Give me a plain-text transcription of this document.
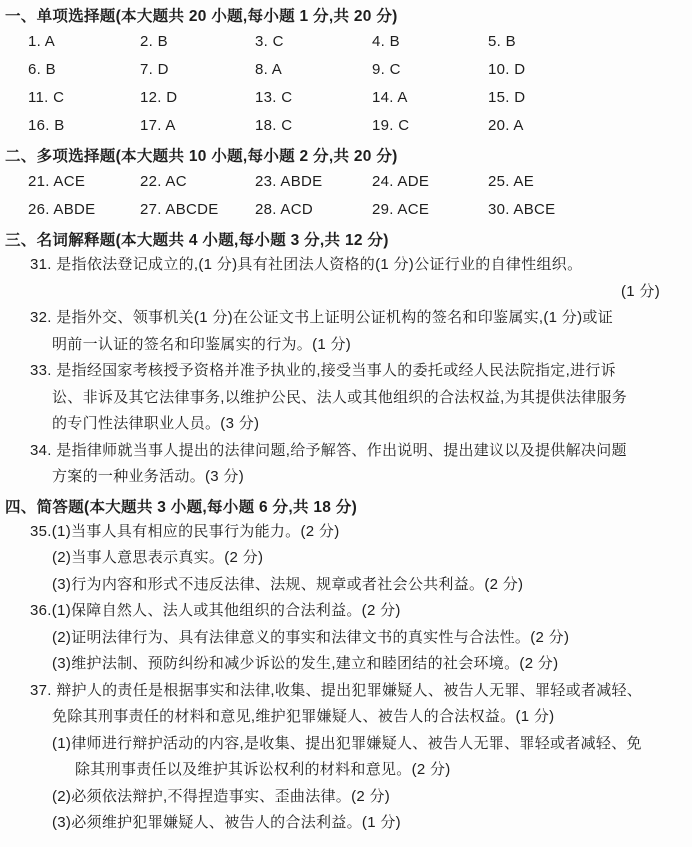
一、单项选择题(本大题共 20 小题,每小题 1 分,共 20 分)
1. A	2. B	3. C	4. B	5. B
6. B	7. D	8. A	9. C	10. D
11. C	12. D	13. C	14. A	15. D
16. B	17. A	18. C	19. C	20. A
二、多项选择题(本大题共 10 小题,每小题 2 分,共 20 分)
21. ACE	22. AC	23. ABDE	24. ADE	25. AE
26. ABDE	27. ABCDE	28. ACD	29. ACE	30. ABCE
三、名词解释题(本大题共 4 小题,每小题 3 分,共 12 分)
31. 是指依法登记成立的,(1 分)具有社团法人资格的(1 分)公证行业的自律性组织。
(1 分)
32. 是指外交、领事机关(1 分)在公证文书上证明公证机构的签名和印鉴属实,(1 分)或证
明前一认证的签名和印鉴属实的行为。(1 分)
33. 是指经国家考核授予资格并准予执业的,接受当事人的委托或经人民法院指定,进行诉
讼、非诉及其它法律事务,以维护公民、法人或其他组织的合法权益,为其提供法律服务
的专门性法律职业人员。(3 分)
34. 是指律师就当事人提出的法律问题,给予解答、作出说明、提出建议以及提供解决问题
方案的一种业务活动。(3 分)
四、简答题(本大题共 3 小题,每小题 6 分,共 18 分)
35.(1)当事人具有相应的民事行为能力。(2 分)
(2)当事人意思表示真实。(2 分)
(3)行为内容和形式不违反法律、法规、规章或者社会公共利益。(2 分)
36.(1)保障自然人、法人或其他组织的合法利益。(2 分)
(2)证明法律行为、具有法律意义的事实和法律文书的真实性与合法性。(2 分)
(3)维护法制、预防纠纷和减少诉讼的发生,建立和睦团结的社会环境。(2 分)
37. 辩护人的责任是根据事实和法律,收集、提出犯罪嫌疑人、被告人无罪、罪轻或者减轻、
免除其刑事责任的材料和意见,维护犯罪嫌疑人、被告人的合法权益。(1 分)
(1)律师进行辩护活动的内容,是收集、提出犯罪嫌疑人、被告人无罪、罪轻或者减轻、免
除其刑事责任以及维护其诉讼权利的材料和意见。(2 分)
(2)必须依法辩护,不得捏造事实、歪曲法律。(2 分)
(3)必须维护犯罪嫌疑人、被告人的合法利益。(1 分)
